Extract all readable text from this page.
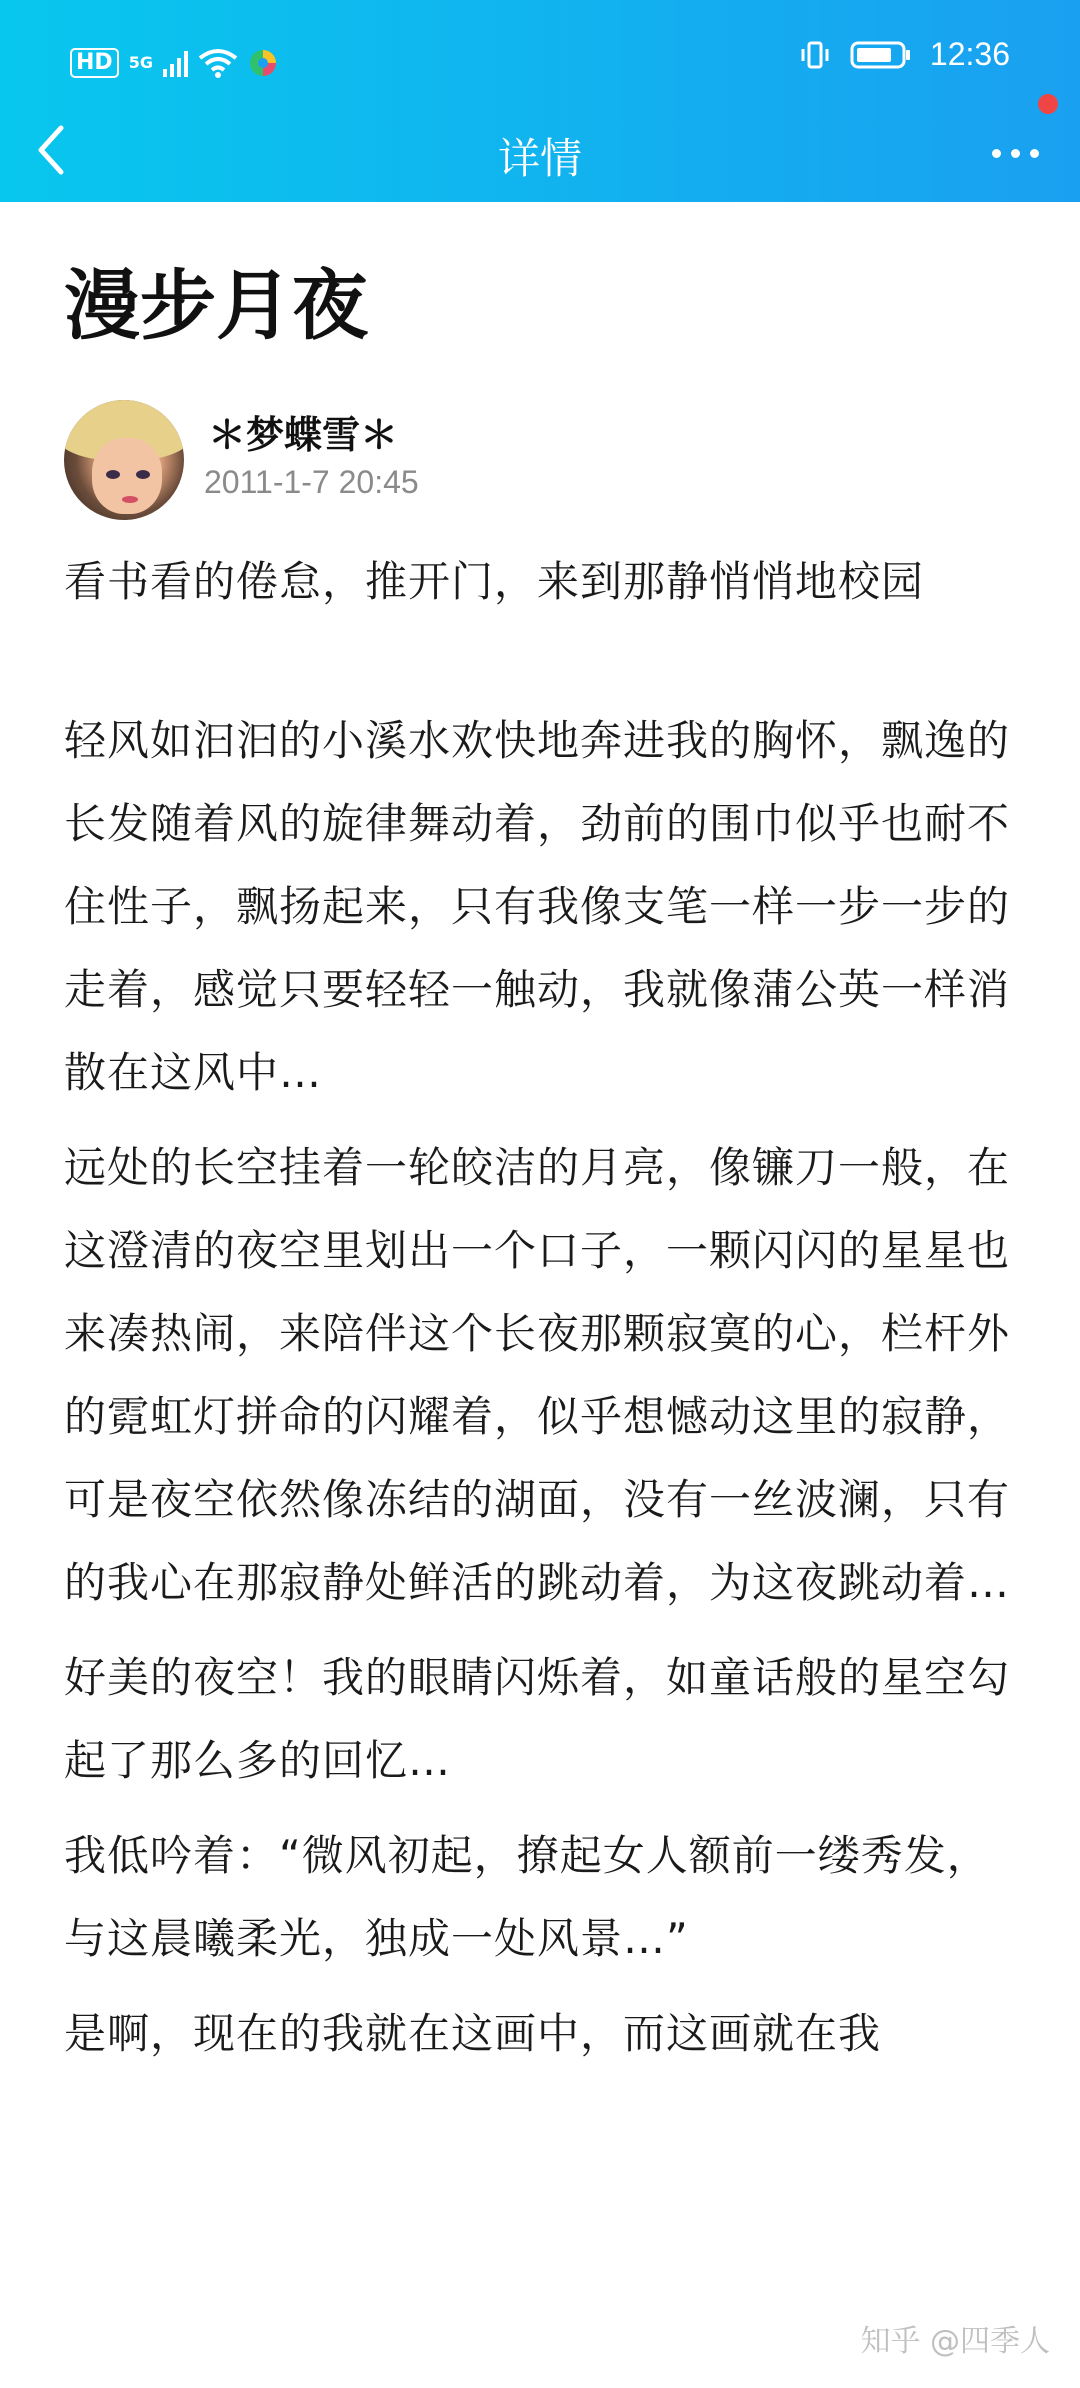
HD	5G	12:36
详情
漫步月夜
＊梦蝶雪＊
2011-1-7 20:45

看书看的倦怠，推开门，来到那静悄悄地校园

轻风如汩汩的小溪水欢快地奔进我的胸怀，飘逸的长发随着风的旋律舞动着，劲前的围巾似乎也耐不住性子，飘扬起来，只有我像支笔一样一步一步的走着，感觉只要轻轻一触动，我就像蒲公英一样消散在这风中…

远处的长空挂着一轮皎洁的月亮，像镰刀一般，在这澄清的夜空里划出一个口子，一颗闪闪的星星也来凑热闹，来陪伴这个长夜那颗寂寞的心，栏杆外的霓虹灯拼命的闪耀着，似乎想憾动这里的寂静，可是夜空依然像冻结的湖面，没有一丝波澜，只有的我心在那寂静处鲜活的跳动着，为这夜跳动着…

好美的夜空！我的眼睛闪烁着，如童话般的星空勾起了那么多的回忆…

我低吟着：“微风初起，撩起女人额前一缕秀发，与这晨曦柔光，独成一处风景…”

是啊，现在的我就在这画中，而这画就在我

知乎 @四季人
